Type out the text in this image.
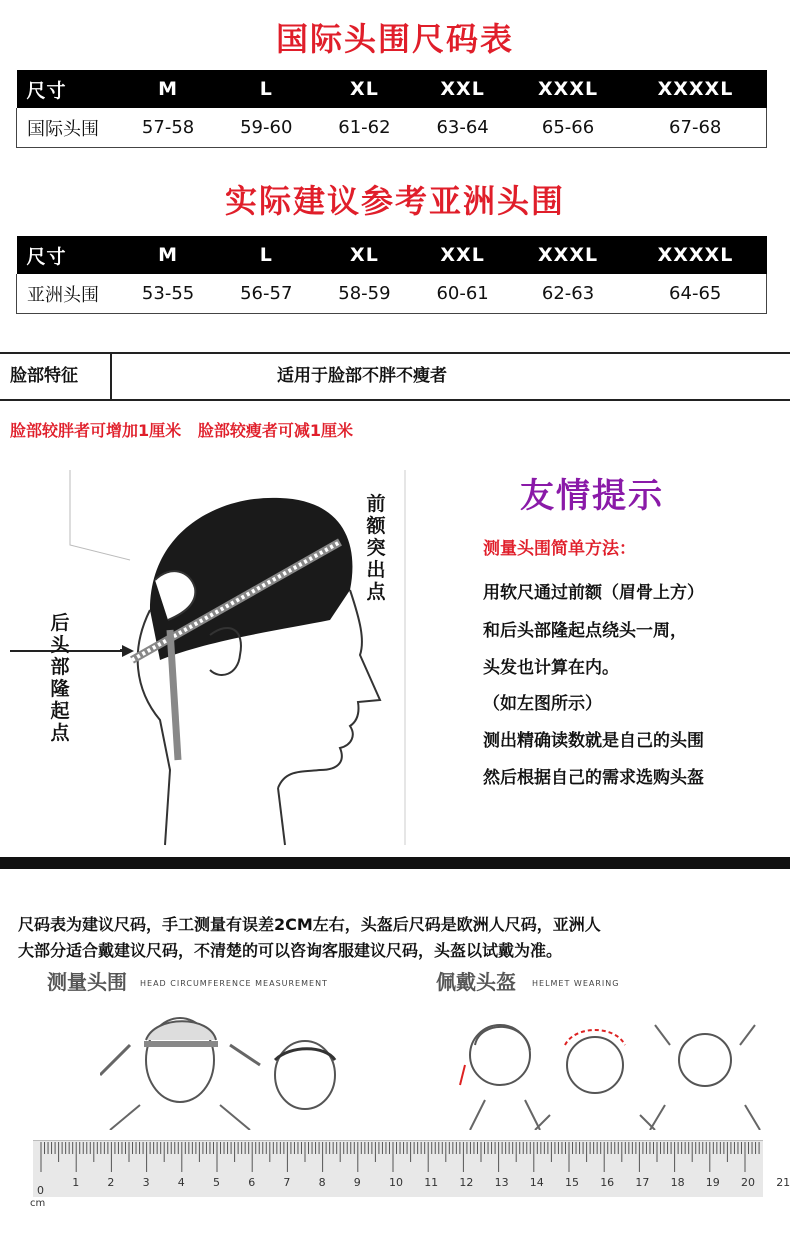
国际头围尺码表
尺寸	M	L	XL	XXL	XXXL	XXXXL
国际头围	57-58	59-60	61-62	63-64	65-66	67-68
实际建议参考亚洲头围
尺寸	M	L	XL	XXL	XXXL	XXXXL
亚洲头围	53-55	56-57	58-59	60-61	62-63	64-65
脸部特征	适用于脸部不胖不瘦者
脸部较胖者可增加1厘米   脸部较瘦者可减1厘米
后头部隆起点
前额突出点
友情提示
测量头围简单方法：
用软尺通过前额（眉骨上方）
和后头部隆起点绕头一周，
头发也计算在内。
（如左图所示）
测出精确读数就是自己的头围
然后根据自己的需求选购头盔
尺码表为建议尺码，手工测量有误差2CM左右，头盔后尺码是欧洲人尺码，亚洲人
大部分适合戴建议尺码，不清楚的可以咨询客服建议尺码，头盔以试戴为准。
测量头围 HEAD CIRCUMFERENCE MEASUREMENT	佩戴头盔 HELMET WEARING
cm
0
1	2	3	4	5	6	7	8	9	10 11 12 13 14 15 16 17 18 19 20 21
